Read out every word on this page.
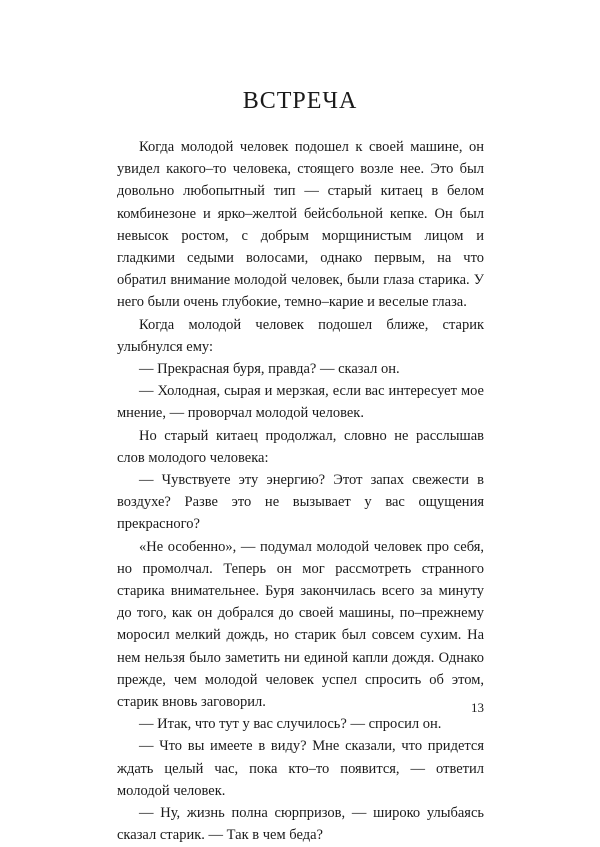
ВСТРЕЧА

Когда молодой человек подошел к своей машине, он увидел какого–то человека, стоящего возле нее. Это был довольно любопытный тип — старый китаец в белом комбинезоне и ярко–желтой бейсбольной кепке. Он был невысок ростом, с добрым морщинистым лицом и гладкими седыми волосами, однако первым, на что обратил внимание молодой человек, были глаза старика. У него были очень глубокие, темно–карие и веселые глаза.

Когда молодой человек подошел ближе, старик улыбнулся ему:

— Прекрасная буря, правда? — сказал он.

— Холодная, сырая и мерзкая, если вас интересует мое мнение, — проворчал молодой человек.

Но старый китаец продолжал, словно не расслышав слов молодого человека:

— Чувствуете эту энергию? Этот запах свежести в воздухе? Разве это не вызывает у вас ощущения прекрасного?

«Не особенно», — подумал молодой человек про себя, но промолчал. Теперь он мог рассмотреть странного старика внимательнее. Буря закончилась всего за минуту до того, как он добрался до своей машины, по–прежнему моросил мелкий дождь, но старик был совсем сухим. На нем нельзя было заметить ни единой капли дождя. Однако прежде, чем молодой человек успел спросить об этом, старик вновь заговорил.

— Итак, что тут у вас случилось? — спросил он.

— Что вы имеете в виду? Мне сказали, что придется ждать целый час, пока кто–то появится, — ответил молодой человек.

— Ну, жизнь полна сюрпризов, — широко улыбаясь сказал старик. — Так в чем беда?

13
